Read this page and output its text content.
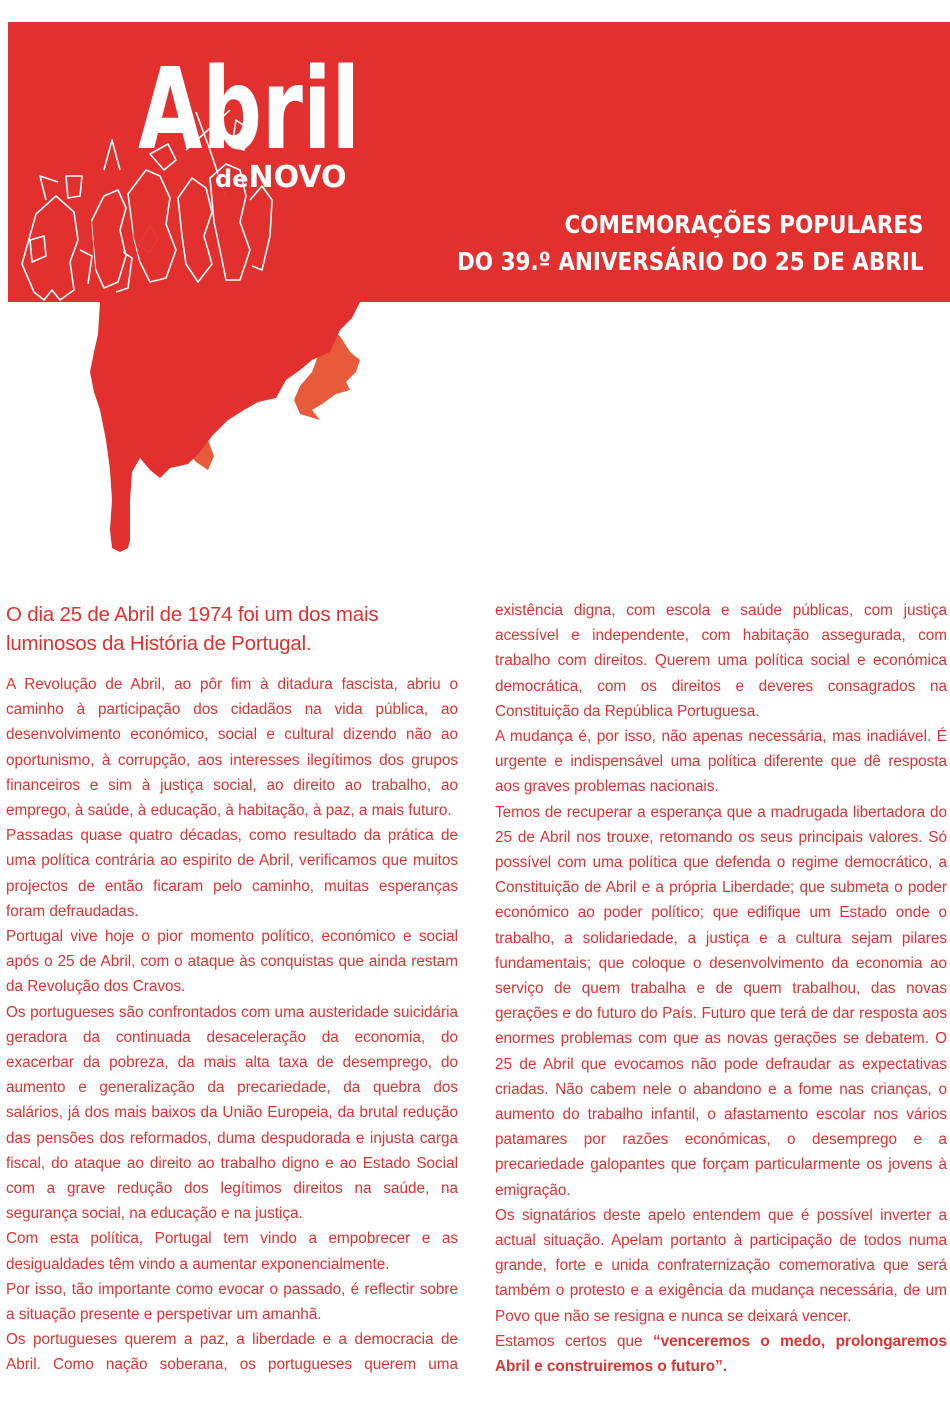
Abril
deNOVO
COMEMORAÇÕES POPULARES
DO 39.º ANIVERSÁRIO DO 25 DE ABRIL

O dia 25 de Abril de 1974 foi um dos mais luminosos da História de Portugal.

A Revolução de Abril, ao pôr fim à ditadura fascista, abriu o caminho à participação dos cidadãos na vida pública, ao desenvolvimento económico, social e cultural dizendo não ao oportunismo, à corrupção, aos interesses ilegítimos dos grupos financeiros e sim à justiça social, ao direito ao trabalho, ao emprego, à saúde, à educação, à habitação, à paz, a mais futuro.

Passadas quase quatro décadas, como resultado da prática de uma política contrária ao espirito de Abril, verificamos que muitos projectos de então ficaram pelo caminho, muitas esperanças foram defraudadas.

Portugal vive hoje o pior momento político, económico e social após o 25 de Abril, com o ataque às conquistas que ainda restam da Revolução dos Cravos.

Os portugueses são confrontados com uma austeridade suicidária geradora da continuada desaceleração da economia, do exacerbar da pobreza, da mais alta taxa de desemprego, do aumento e generalização da precariedade, da quebra dos salários, já dos mais baixos da União Europeia, da brutal redução das pensões dos reformados, duma despudorada e injusta carga fiscal, do ataque ao direito ao trabalho digno e ao Estado Social com a grave redução dos legítimos direitos na saúde, na segurança social, na educação e na justiça.

Com esta política, Portugal tem vindo a empobrecer e as desigualdades têm vindo a aumentar exponencialmente.

Por isso, tão importante como evocar o passado, é reflectir sobre a situação presente e perspetivar um amanhã.

Os portugueses querem a paz, a liberdade e a democracia de Abril. Como nação soberana, os portugueses querem uma

existência digna, com escola e saúde públicas, com justiça acessível e independente, com habitação assegurada, com trabalho com direitos. Querem uma política social e económica democrática, com os direitos e deveres consagrados na Constituição da República Portuguesa.

A mudança é, por isso, não apenas necessária, mas inadiável. É urgente e indispensável uma política diferente que dê resposta aos graves problemas nacionais.

Temos de recuperar a esperança que a madrugada libertadora do 25 de Abril nos trouxe, retomando os seus principais valores. Só possível com uma política que defenda o regime democrático, a Constituição de Abril e a própria Liberdade; que submeta o poder económico ao poder político; que edifique um Estado onde o trabalho, a solidariedade, a justiça e a cultura sejam pilares fundamentais; que coloque o desenvolvimento da economia ao serviço de quem trabalha e de quem trabalhou, das novas gerações e do futuro do País. Futuro que terá de dar resposta aos enormes problemas com que as novas gerações se debatem. O 25 de Abril que evocamos não pode defraudar as expectativas criadas. Não cabem nele o abandono e a fome nas crianças, o aumento do trabalho infantil, o afastamento escolar nos vários patamares por razões económicas, o desemprego e a precariedade galopantes que forçam particularmente os jovens à emigração.

Os signatários deste apelo entendem que é possível inverter a actual situação. Apelam portanto à participação de todos numa grande, forte e unida confraternização comemorativa que será também o protesto e a exigência da mudança necessária, de um Povo que não se resigna e nunca se deixará vencer.

Estamos certos que “venceremos o medo, prolongaremos Abril e construiremos o futuro”.
